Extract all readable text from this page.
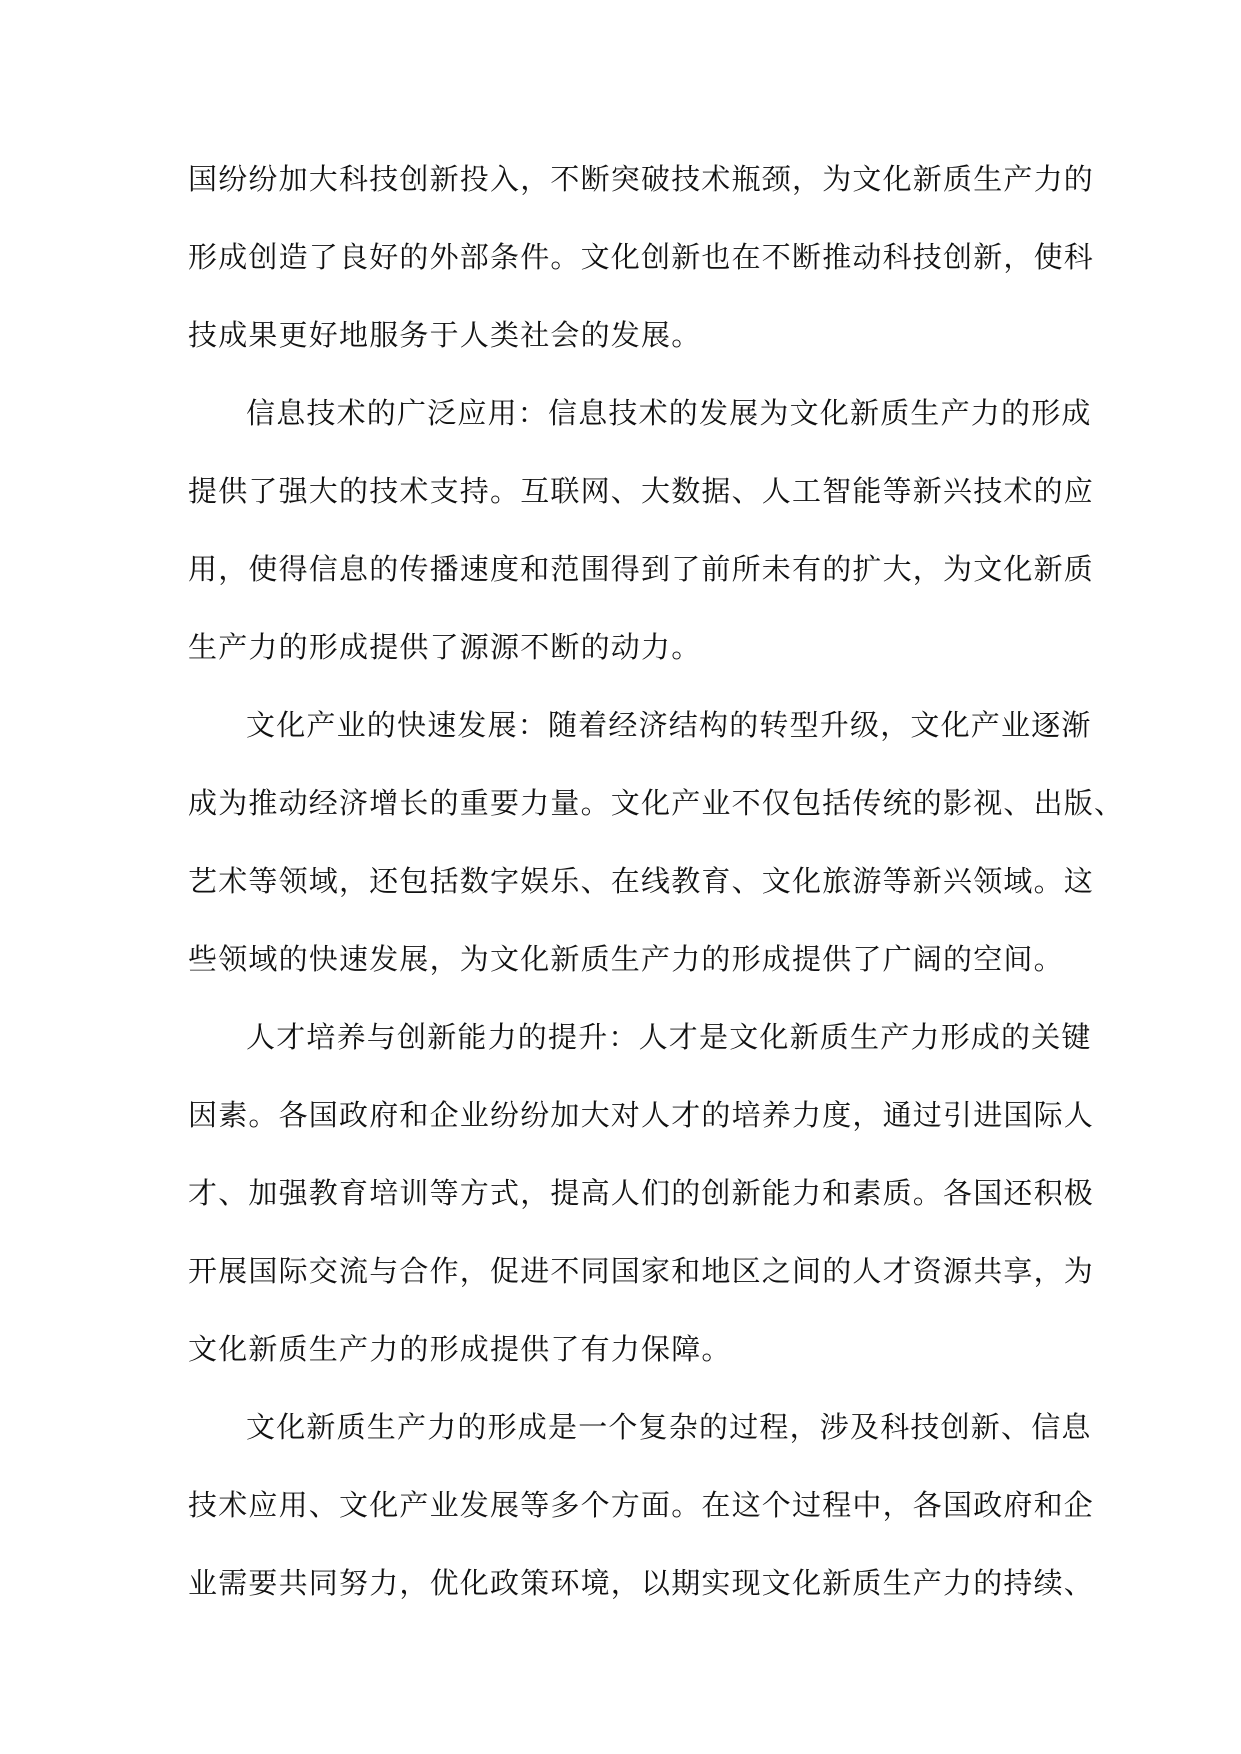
国纷纷加大科技创新投入，不断突破技术瓶颈，为文化新质生产力的
形成创造了良好的外部条件。文化创新也在不断推动科技创新，使科
技成果更好地服务于人类社会的发展。
信息技术的广泛应用：信息技术的发展为文化新质生产力的形成
提供了强大的技术支持。互联网、大数据、人工智能等新兴技术的应
用，使得信息的传播速度和范围得到了前所未有的扩大，为文化新质
生产力的形成提供了源源不断的动力。
文化产业的快速发展：随着经济结构的转型升级，文化产业逐渐
成为推动经济增长的重要力量。文化产业不仅包括传统的影视、出版、
艺术等领域，还包括数字娱乐、在线教育、文化旅游等新兴领域。这
些领域的快速发展，为文化新质生产力的形成提供了广阔的空间。
人才培养与创新能力的提升：人才是文化新质生产力形成的关键
因素。各国政府和企业纷纷加大对人才的培养力度，通过引进国际人
才、加强教育培训等方式，提高人们的创新能力和素质。各国还积极
开展国际交流与合作，促进不同国家和地区之间的人才资源共享，为
文化新质生产力的形成提供了有力保障。
文化新质生产力的形成是一个复杂的过程，涉及科技创新、信息
技术应用、文化产业发展等多个方面。在这个过程中，各国政府和企
业需要共同努力，优化政策环境，以期实现文化新质生产力的持续、
